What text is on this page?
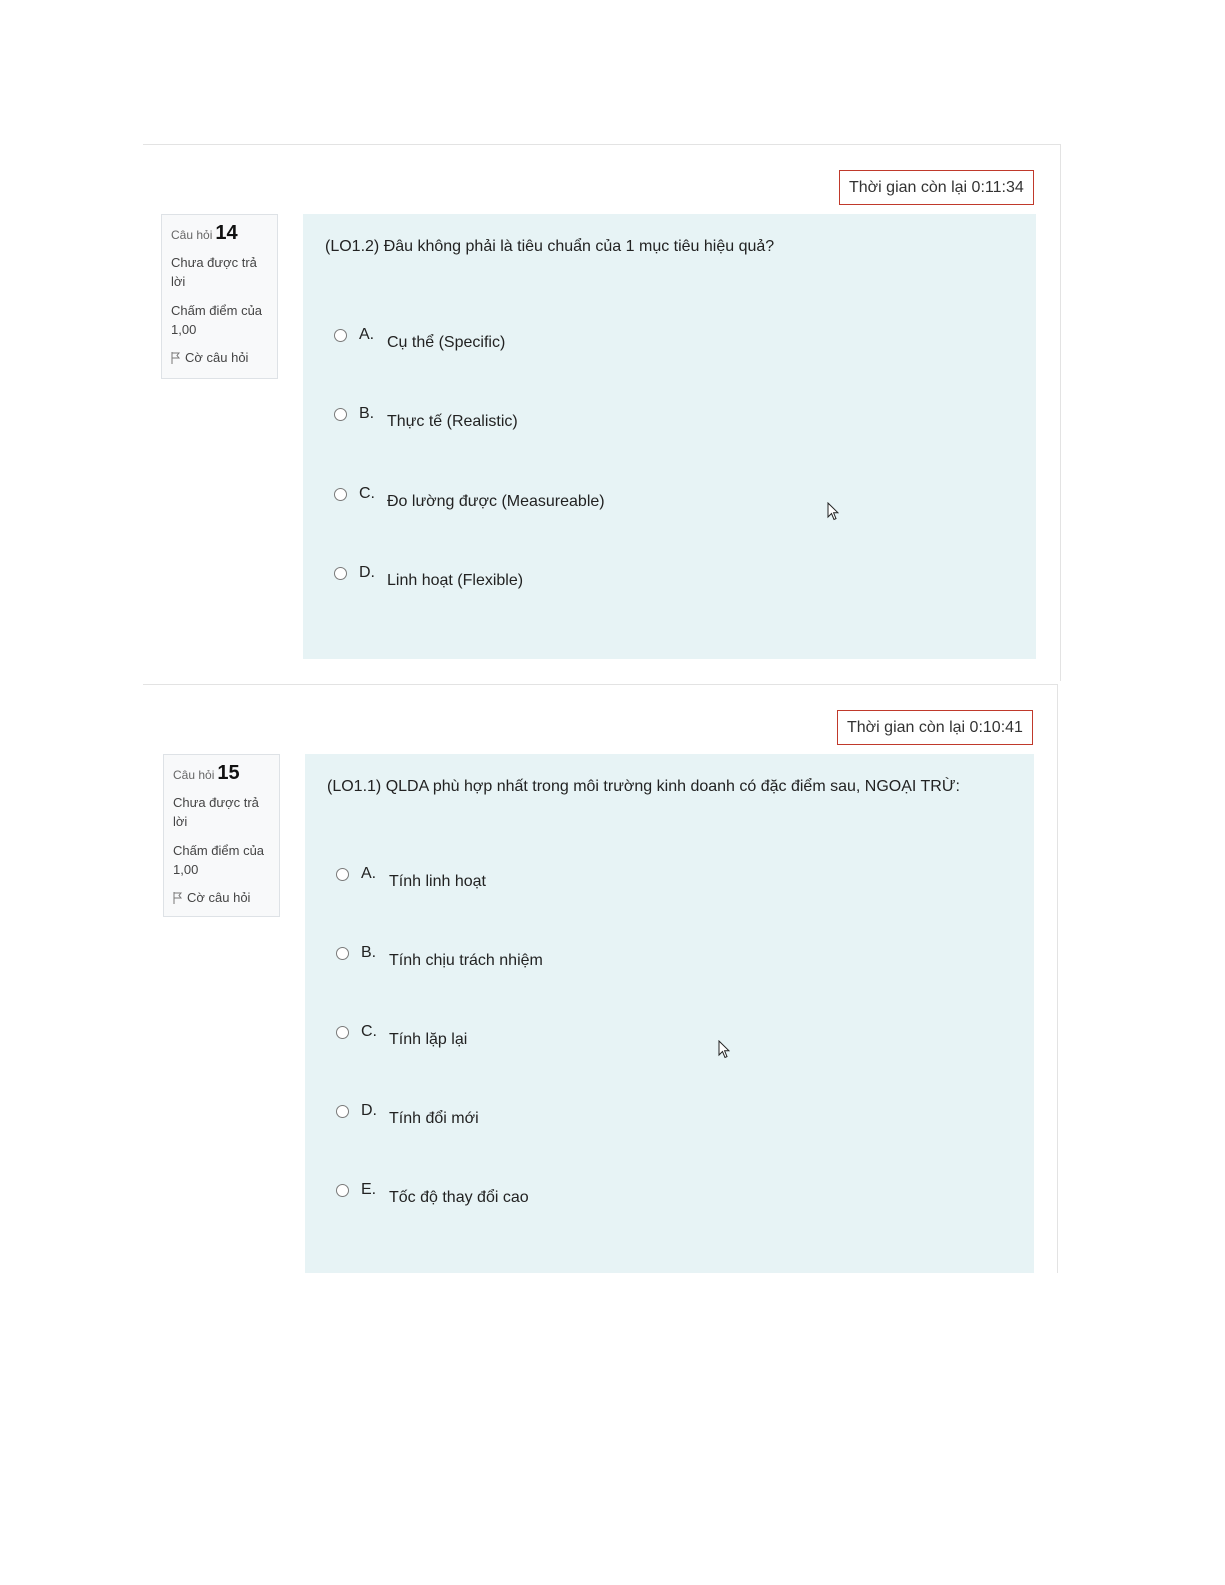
Thời gian còn lại 0:11:34
Câu hỏi 14
Chưa được trả lời
Chấm điểm của 1,00
Cờ câu hỏi
(LO1.2) Đâu không phải là tiêu chuẩn của 1 mục tiêu hiệu quả?
A. Cụ thể (Specific)
B. Thực tế (Realistic)
C. Đo lường được (Measureable)
D. Linh hoạt (Flexible)
Thời gian còn lại 0:10:41
Câu hỏi 15
Chưa được trả lời
Chấm điểm của 1,00
Cờ câu hỏi
(LO1.1) QLDA phù hợp nhất trong môi trường kinh doanh có đặc điểm sau, NGOẠI TRỪ:
A. Tính linh hoạt
B. Tính chịu trách nhiệm
C. Tính lặp lại
D. Tính đổi mới
E. Tốc độ thay đổi cao
